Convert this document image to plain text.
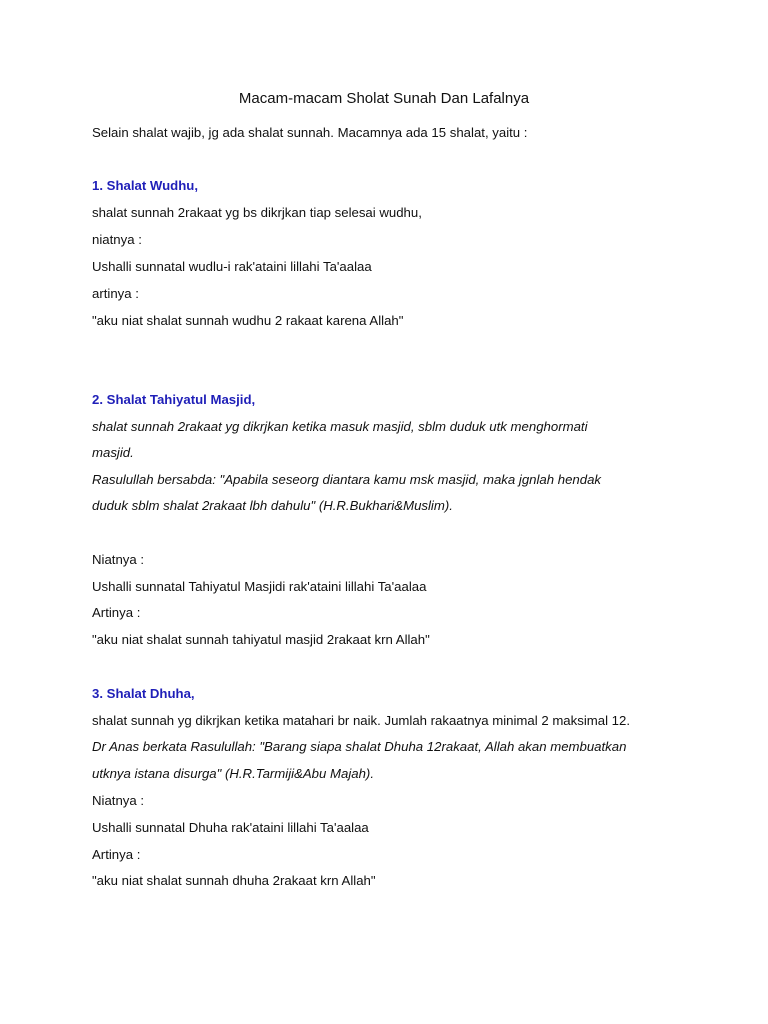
Macam-macam Sholat Sunah Dan Lafalnya
Selain shalat wajib, jg ada shalat sunnah. Macamnya ada 15 shalat, yaitu :
1. Shalat Wudhu,
shalat sunnah 2rakaat yg bs dikrjkan tiap selesai wudhu,
niatnya :
Ushalli sunnatal wudlu-i rak'ataini lillahi Ta'aalaa
artinya :
"aku niat shalat sunnah wudhu 2 rakaat karena Allah"
2. Shalat Tahiyatul Masjid,
shalat sunnah 2rakaat yg dikrjkan ketika masuk masjid, sblm duduk utk menghormati
masjid.
Rasulullah bersabda: "Apabila seseorg diantara kamu msk masjid, maka jgnlah hendak
duduk sblm shalat 2rakaat lbh dahulu" (H.R.Bukhari&Muslim).
Niatnya :
Ushalli sunnatal Tahiyatul Masjidi rak'ataini lillahi Ta'aalaa
Artinya :
"aku niat shalat sunnah tahiyatul masjid 2rakaat krn Allah"
3. Shalat Dhuha,
shalat sunnah yg dikrjkan ketika matahari br naik. Jumlah rakaatnya minimal 2 maksimal 12.
Dr Anas berkata Rasulullah: "Barang siapa shalat Dhuha 12rakaat, Allah akan membuatkan
utknya istana disurga" (H.R.Tarmiji&Abu Majah).
Niatnya :
Ushalli sunnatal Dhuha rak'ataini lillahi Ta'aalaa
Artinya :
"aku niat shalat sunnah dhuha 2rakaat krn Allah"
